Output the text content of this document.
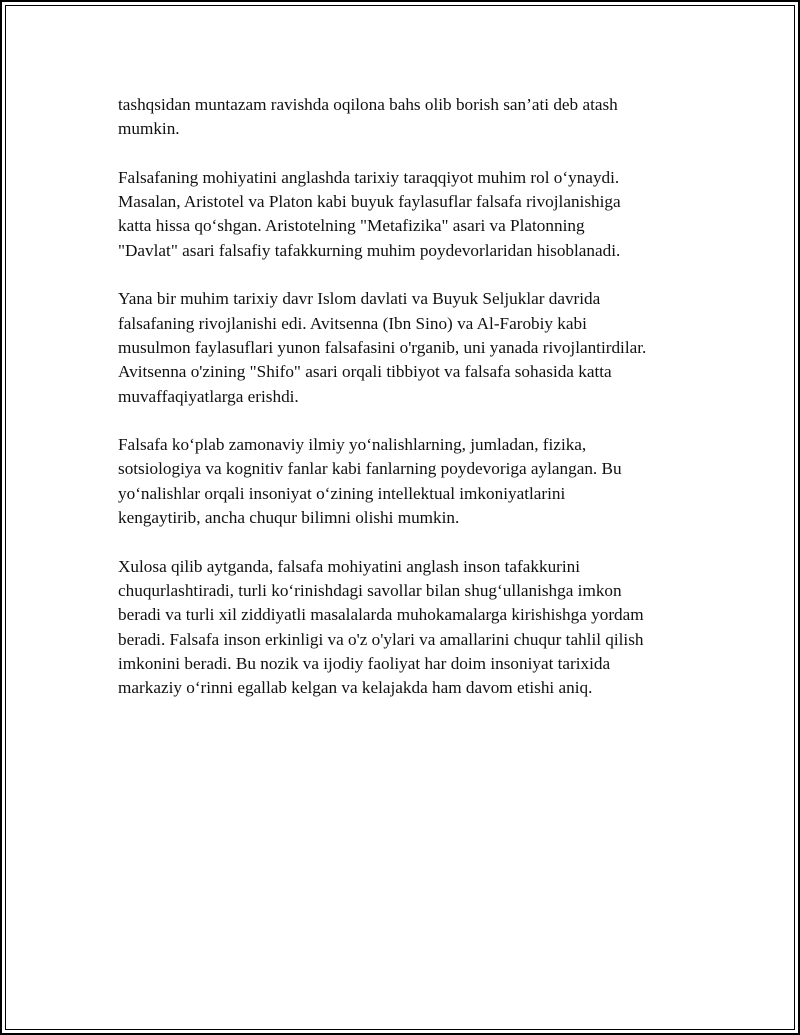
tashqsidan muntazam ravishda oqilona bahs olib borish san’ati deb atash
mumkin.

Falsafaning mohiyatini anglashda tarixiy taraqqiyot muhim rol o‘ynaydi.
Masalan, Aristotel va Platon kabi buyuk faylasuflar falsafa rivojlanishiga
katta hissa qo‘shgan. Aristotelning "Metafizika" asari va Platonning
"Davlat" asari falsafiy tafakkurning muhim poydevorlaridan hisoblanadi.

Yana bir muhim tarixiy davr Islom davlati va Buyuk Seljuklar davrida
falsafaning rivojlanishi edi. Avitsenna (Ibn Sino) va Al-Farobiy kabi
musulmon faylasuflari yunon falsafasini o'rganib, uni yanada rivojlantirdilar.
Avitsenna o'zining "Shifo" asari orqali tibbiyot va falsafa sohasida katta
muvaffaqiyatlarga erishdi.

Falsafa ko‘plab zamonaviy ilmiy yo‘nalishlarning, jumladan, fizika,
sotsiologiya va kognitiv fanlar kabi fanlarning poydevoriga aylangan. Bu
yo‘nalishlar orqali insoniyat o‘zining intellektual imkoniyatlarini
kengaytirib, ancha chuqur bilimni olishi mumkin.

Xulosa qilib aytganda, falsafa mohiyatini anglash inson tafakkurini
chuqurlashtiradi, turli ko‘rinishdagi savollar bilan shug‘ullanishga imkon
beradi va turli xil ziddiyatli masalalarda muhokamalarga kirishishga yordam
beradi. Falsafa inson erkinligi va o'z o'ylari va amallarini chuqur tahlil qilish
imkonini beradi. Bu nozik va ijodiy faoliyat har doim insoniyat tarixida
markaziy o‘rinni egallab kelgan va kelajakda ham davom etishi aniq.
